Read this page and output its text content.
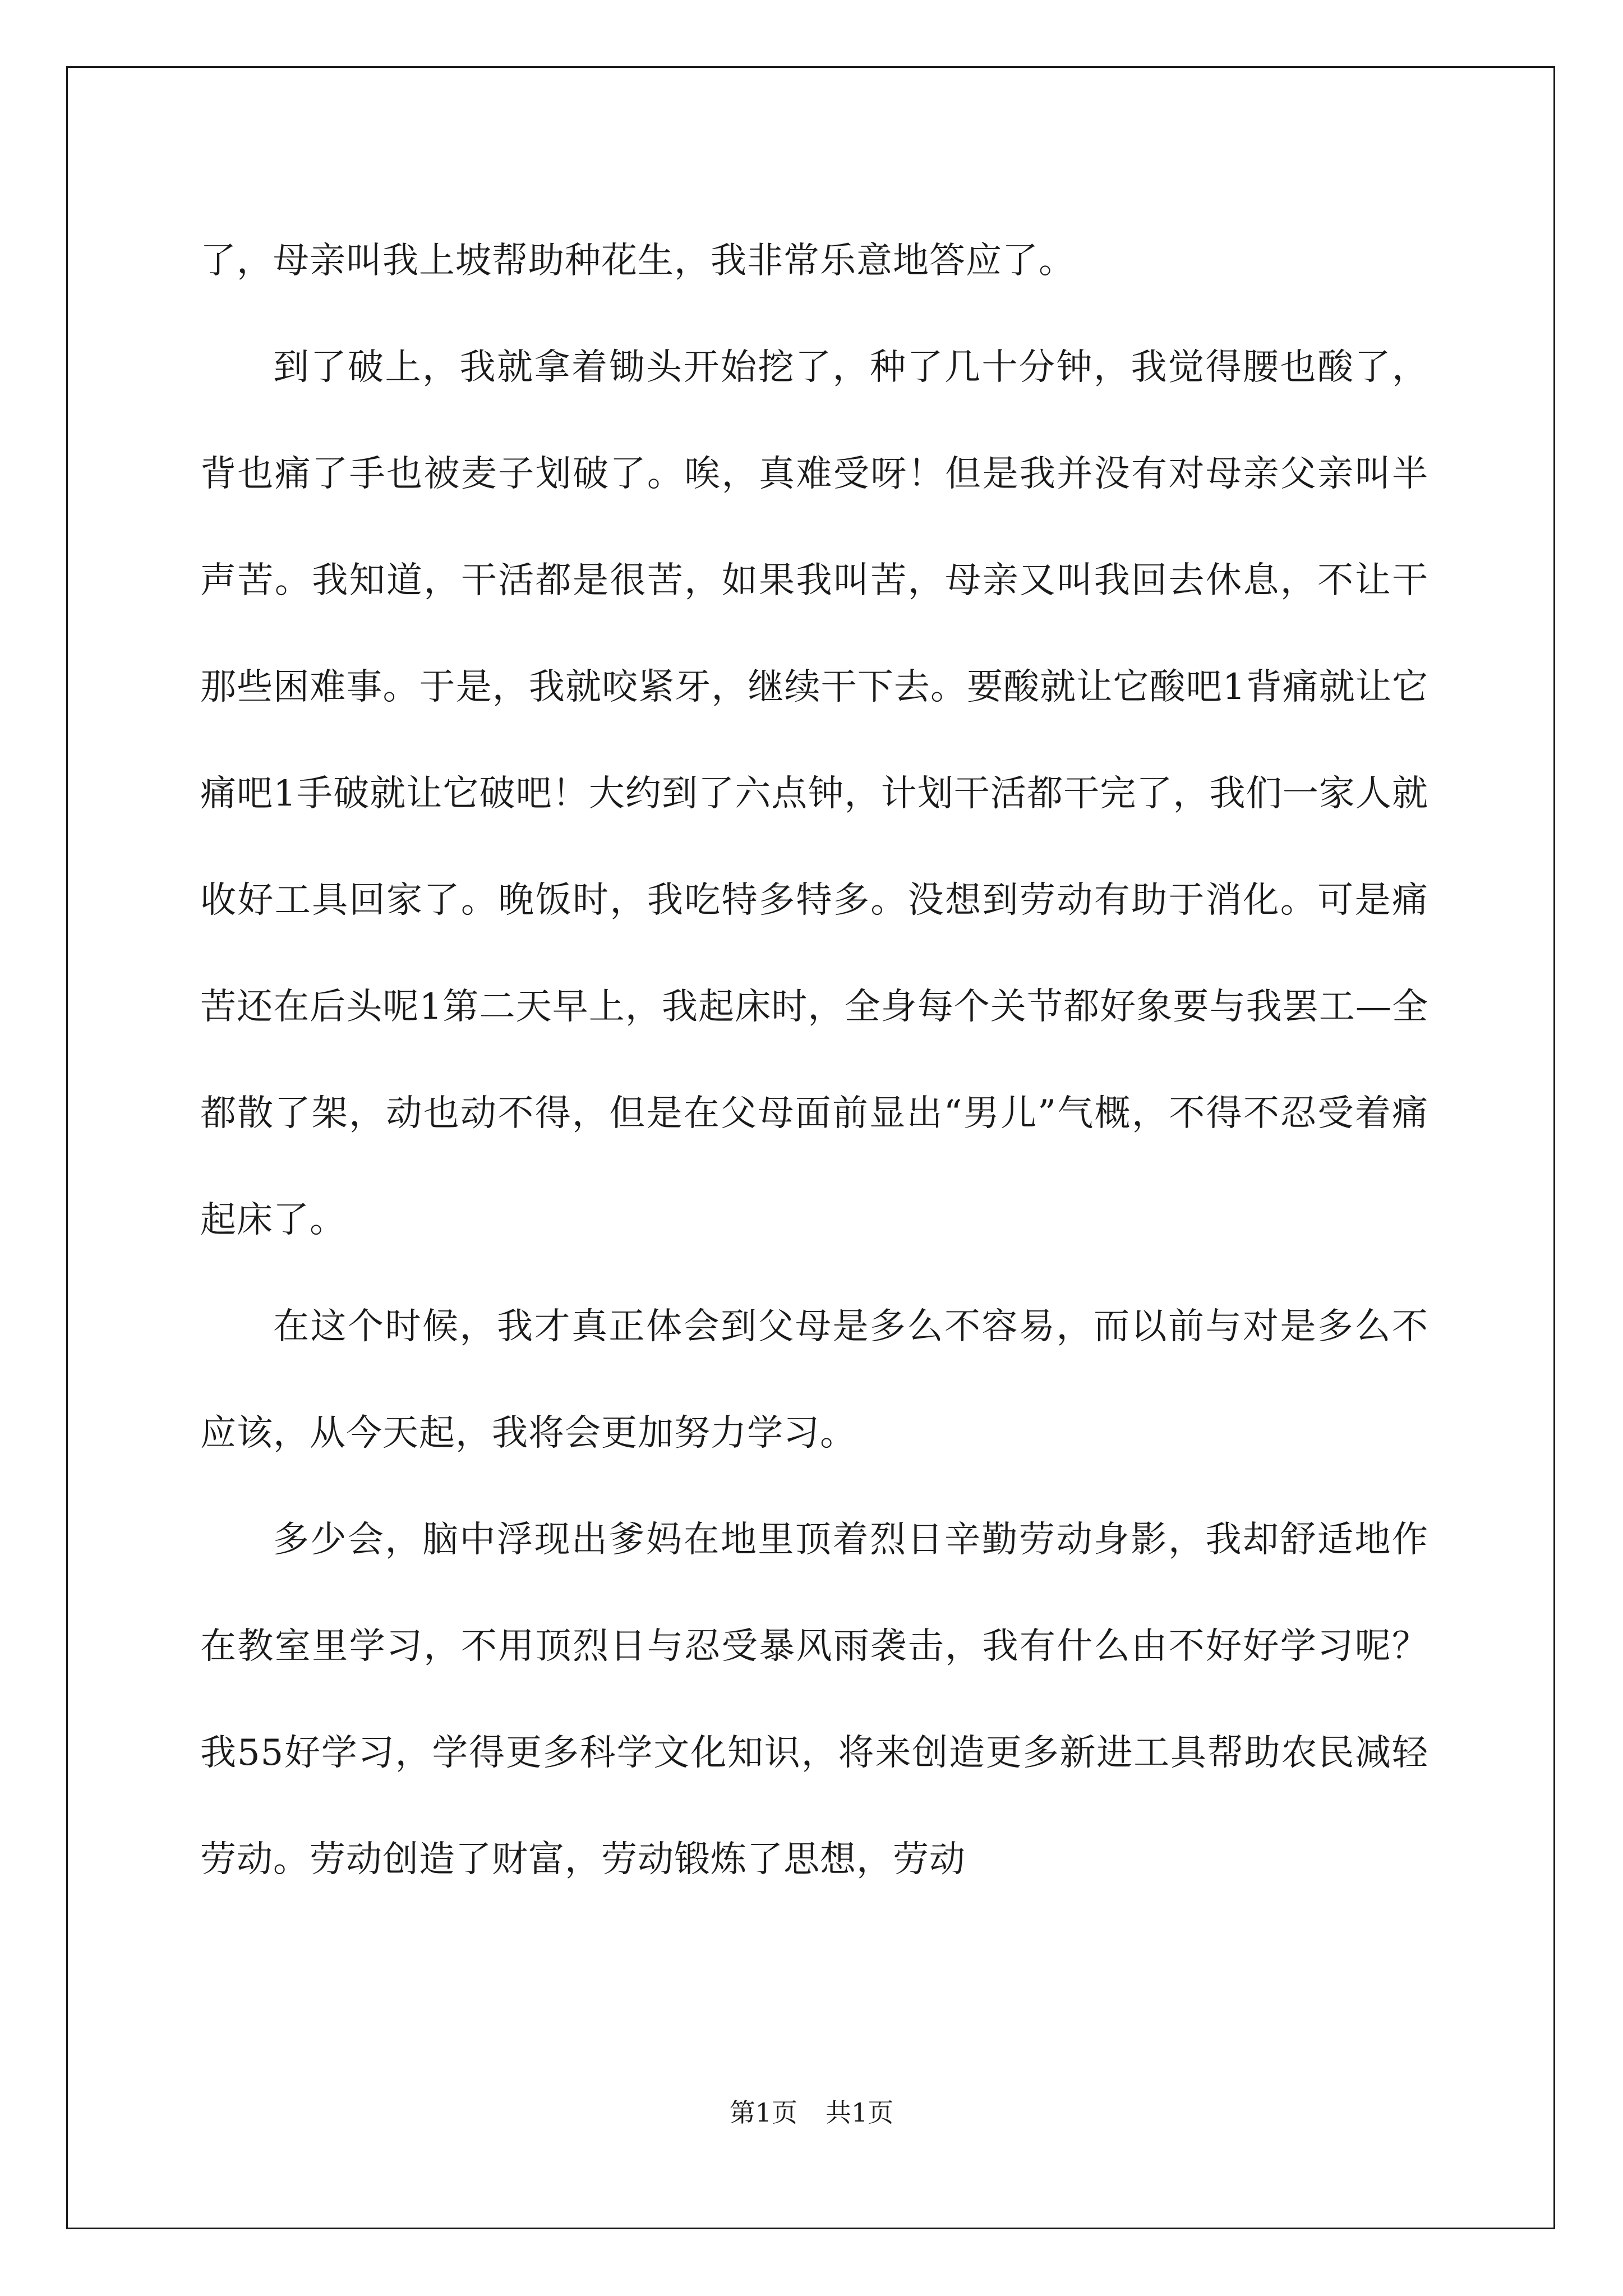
了，母亲叫我上坡帮助种花生，我非常乐意地答应了。

到了破上，我就拿着锄头开始挖了，种了几十分钟，我觉得腰也酸了，背也痛了手也被麦子划破了。唉，真难受呀！但是我并没有对母亲父亲叫半声苦。我知道，干活都是很苦，如果我叫苦，母亲又叫我回去休息，不让干那些困难事。于是，我就咬紧牙，继续干下去。要酸就让它酸吧1背痛就让它痛吧1手破就让它破吧！大约到了六点钟，计划干活都干完了，我们一家人就收好工具回家了。晚饭时，我吃特多特多。没想到劳动有助于消化。可是痛苦还在后头呢1第二天早上，我起床时，全身每个关节都好象要与我罢工—全都散了架，动也动不得，但是在父母面前显出“男儿”气概，不得不忍受着痛起床了。

在这个时候，我才真正体会到父母是多么不容易，而以前与对是多么不应该，从今天起，我将会更加努力学习。

多少会，脑中浮现出爹妈在地里顶着烈日辛勤劳动身影，我却舒适地作在教室里学习，不用顶烈日与忍受暴风雨袭击，我有什么由不好好学习呢？我55好学习，学得更多科学文化知识，将来创造更多新进工具帮助农民减轻劳动。劳动创造了财富，劳动锻炼了思想，劳动

第1页 共1页
